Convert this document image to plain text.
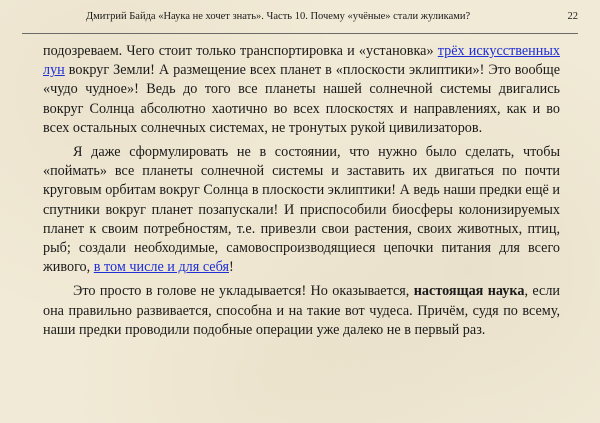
Дмитрий Байда «Наука не хочет знать». Часть 10. Почему «учёные» стали жуликами?	22

подозреваем. Чего стоит только транспортировка и «установка» трёх искусственных лун вокруг Земли! А размещение всех планет в «плоскости эклиптики»! Это вообще «чудо чудное»! Ведь до того все планеты нашей солнечной системы двигались вокруг Солнца абсолютно хаотично во всех плоскостях и направлениях, как и во всех остальных солнечных системах, не тронутых рукой цивилизаторов.

Я даже сформулировать не в состоянии, что нужно было сделать, чтобы «поймать» все планеты солнечной системы и заставить их двигаться по почти круговым орбитам вокруг Солнца в плоскости эклиптики! А ведь наши предки ещё и спутники вокруг планет позапускали! И приспособили биосферы колонизируемых планет к своим потребностям, т.е. привезли свои растения, своих животных, птиц, рыб; создали необходимые, самовоспроизводящиеся цепочки питания для всего живого, в том числе и для себя!

Это просто в голове не укладывается! Но оказывается, настоящая наука, если она правильно развивается, способна и на такие вот чудеса. Причём, судя по всему, наши предки проводили подобные операции уже далеко не в первый раз.
